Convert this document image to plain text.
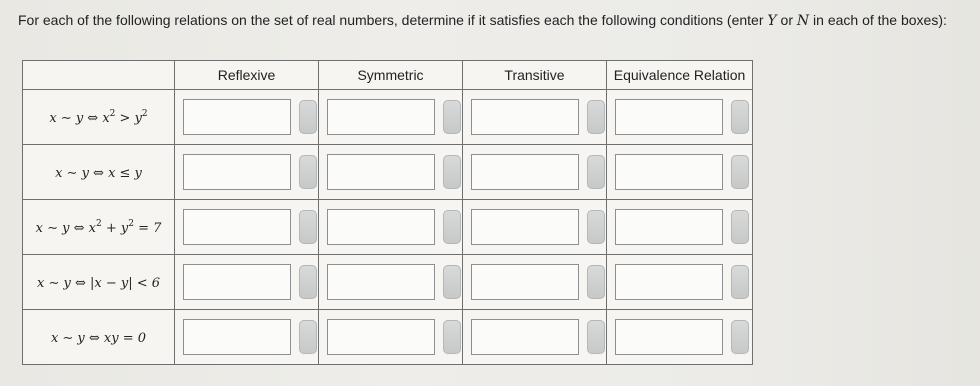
For each of the following relations on the set of real numbers, determine if it satisfies each the following conditions (enter Y or N in each of the boxes):
	Reflexive	Symmetric	Transitive	Equivalence Relation
x ∼ y ⇔ $x^2 > y^2$	

x ∼ y ⇔ x ≤ y	

x ∼ y ⇔ $x^2 + y^2 = 7$	

x ∼ y ⇔ |x − y| < 6	

x ∼ y ⇔ xy = 0	
